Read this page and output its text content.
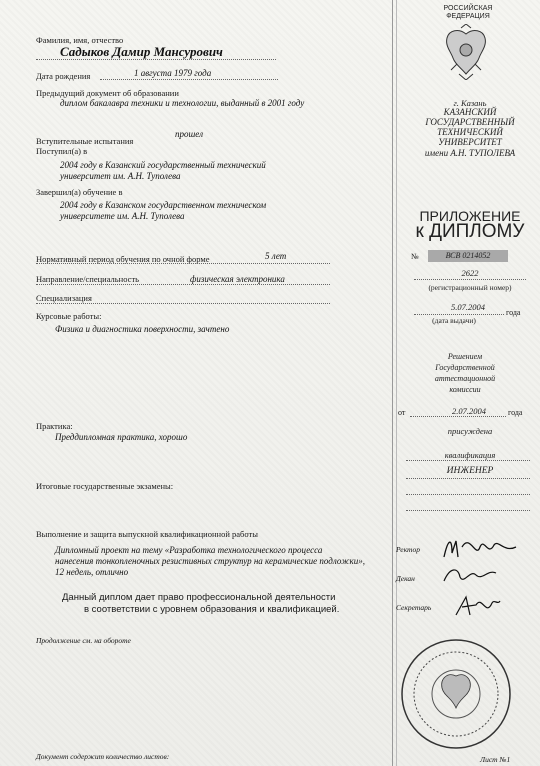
Фамилия, имя, отчество
Садыков Дамир Мансурович
Дата рождения	1 августа 1979 года
Предыдущий документ об образовании
диплом бакалавра техники и технологии, выданный в 2001 году
Вступительные испытания
прошел
Поступил(а) в
2004 году в Казанский государственный технический
университет им. А.Н. Туполева
Завершил(а) обучение в
2004 году в Казанском государственном техническом
университете им. А.Н. Туполева
Нормативный период обучения по очной форме	5 лет
Направление/специальность	физическая электроника
Специализация
Курсовые работы:
Физика и диагностика поверхности, зачтено
Практика:
Преддипломная практика, хорошо
Итоговые государственные экзамены:
Выполнение и защита выпускной квалификационной работы
Дипломный проект на тему «Разработка технологического процесса
нанесения тонкопленочных резистивных структур на керамические подложки»,
12 недель, отлично
Данный диплом дает право профессиональной деятельности
в соответствии с уровнем образования и квалификацией.
Продолжение см. на обороте
Документ содержит количество листов:
РОССИЙСКАЯ
ФЕДЕРАЦИЯ
г. Казань
КАЗАНСКИЙ
ГОСУДАРСТВЕННЫЙ
ТЕХНИЧЕСКИЙ
УНИВЕРСИТЕТ
имени А.Н. ТУПОЛЕВА
ПРИЛОЖЕНИЕ
к ДИПЛОМУ
№	ВСВ 0214052
2622
(регистрационный номер)
5.07.2004
года
(дата выдачи)
Решением
Государственной
аттестационной
комиссии
от	2.07.2004	года
присуждена
квалификация
ИНЖЕНЕР
Ректор
Декан
Секретарь
Лист №1
